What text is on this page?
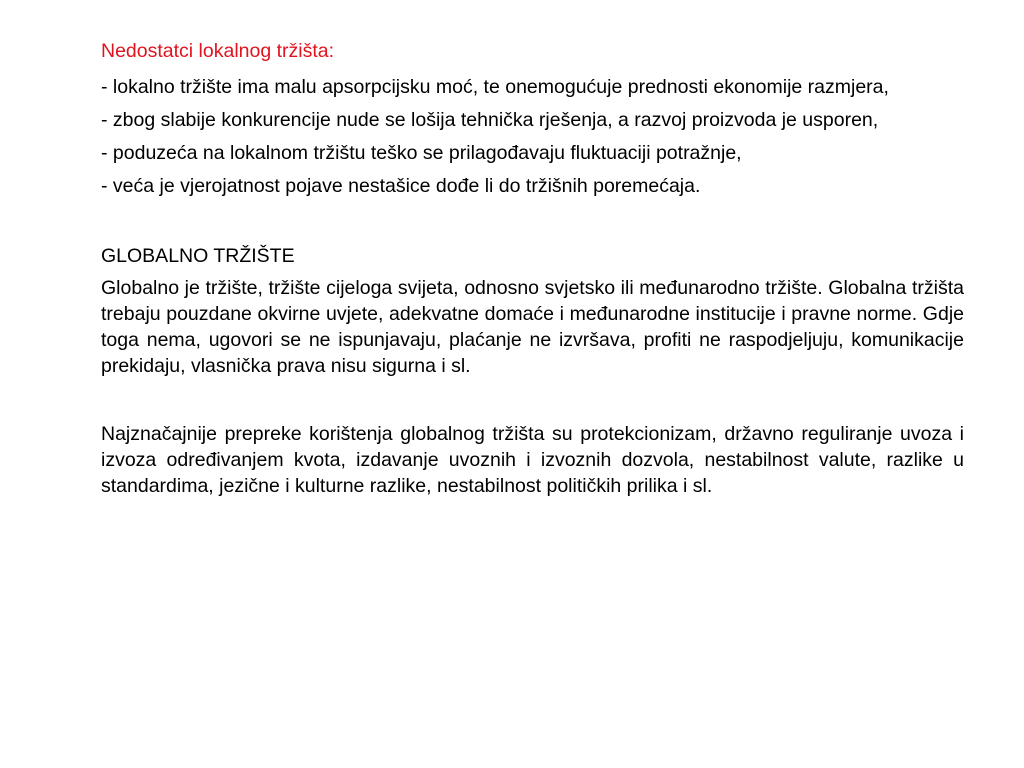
Nedostatci lokalnog tržišta:
- lokalno tržište ima malu apsorpcijsku moć, te onemogućuje prednosti ekonomije razmjera,
- zbog slabije konkurencije nude se lošija tehnička rješenja, a razvoj proizvoda je usporen,
- poduzeća na lokalnom tržištu teško se prilagođavaju fluktuaciji potražnje,
- veća je vjerojatnost pojave nestašice dođe li do tržišnih poremećaja.
GLOBALNO TRŽIŠTE

Globalno je tržište, tržište cijeloga svijeta, odnosno svjetsko ili međunarodno tržište. Globalna tržišta trebaju pouzdane okvirne uvjete, adekvatne domaće i međunarodne institucije i pravne norme. Gdje toga nema, ugovori se ne ispunjavaju, plaćanje ne izvršava, profiti ne raspodjeljuju, komunikacije prekidaju, vlasnička prava nisu sigurna i sl.

Najznačajnije prepreke korištenja globalnog tržišta su protekcionizam, državno reguliranje uvoza i izvoza određivanjem kvota, izdavanje uvoznih i izvoznih dozvola, nestabilnost valute, razlike u standardima, jezične i kulturne razlike, nestabilnost političkih prilika i sl.
